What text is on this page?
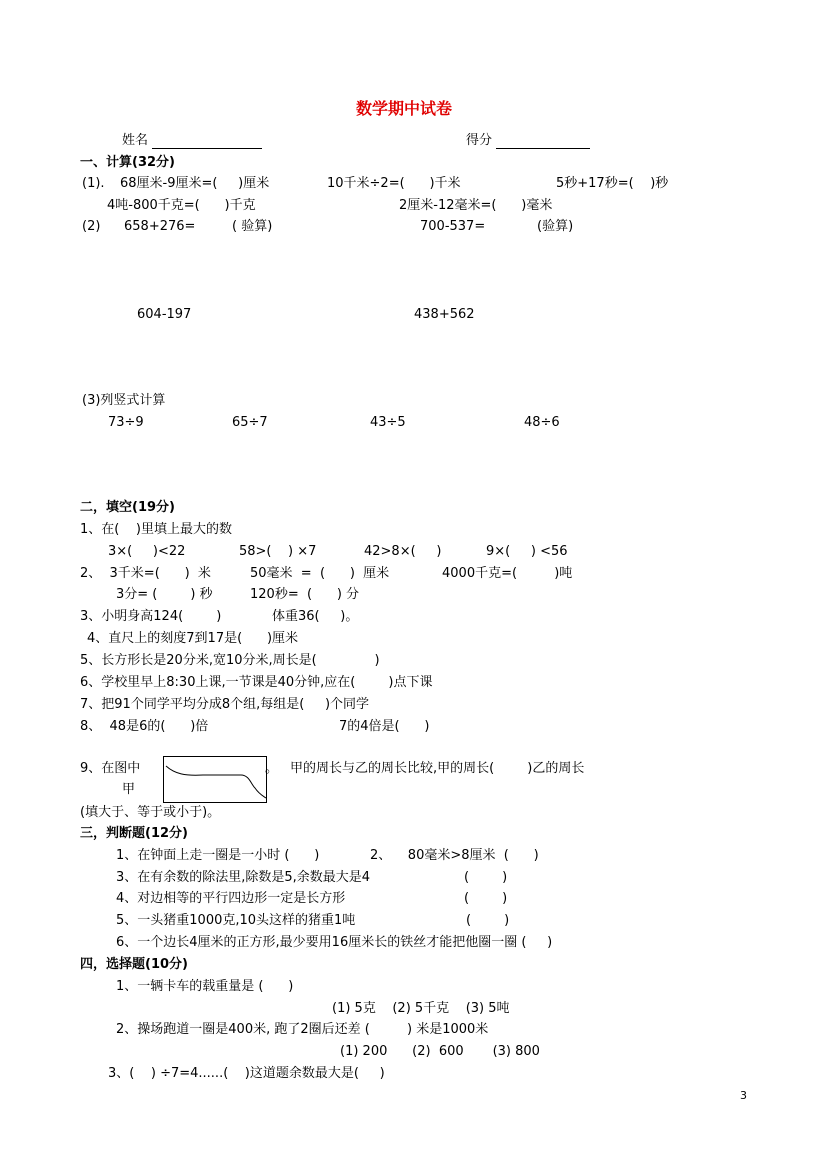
数学期中试卷
姓名	得分
一、计算(32分)
(1). 68厘米-9厘米=(     )厘米	10千米÷2=(      )千米	5秒+17秒=(    )秒
4吨-800千克=(      )千克	2厘米-12毫米=(      )毫米
(2) 658+276=	( 验算)	700-537=	(验算)
604-197	438+562
(3)列竖式计算
73÷9	65÷7	43÷5	48÷6
二，填空(19分)
1、在(    )里填上最大的数
3×(     )<22	58>(    ) ×7	42>8×(     )	9×(     ) <56
2、  3千米=(      )  米	50毫米  =  (      )  厘米	4000千克=(         )吨
3分= (        ) 秒	120秒=  (      ) 分
3、小明身高124(        )	体重36(     )。
4、直尺上的刻度7到17是(      )厘米
5、长方形长是20分米,宽10分米,周长是(              )
6、学校里早上8:30上课,一节课是40分钟,应在(        )点下课
7、把91个同学平均分成8个组,每组是(     )个同学
8、  48是6的(      )倍	7的4倍是(      )
9、在图中	。 甲的周长与乙的周长比较,甲的周长(        )乙的周长
甲
(填大于、等于或小于)。
三，判断题(12分)
1、在钟面上走一圈是一小时 (      )	2、    80毫米>8厘米  (      )
3、在有余数的除法里,除数是5,余数最大是4	(        )
4、对边相等的平行四边形一定是长方形	(        )
5、一头猪重1000克,10头这样的猪重1吨	(        )
6、一个边长4厘米的正方形,最少要用16厘米长的铁丝才能把他圈一圈 (     )
四，选择题(10分)
1、一辆卡车的载重量是 (      )
(1) 5克    (2) 5千克    (3) 5吨
2、操场跑道一圈是400米, 跑了2圈后还差 (         ) 米是1000米
(1) 200      (2)  600       (3) 800
3、(    ) ÷7=4......(    )这道题余数最大是(     )
3
